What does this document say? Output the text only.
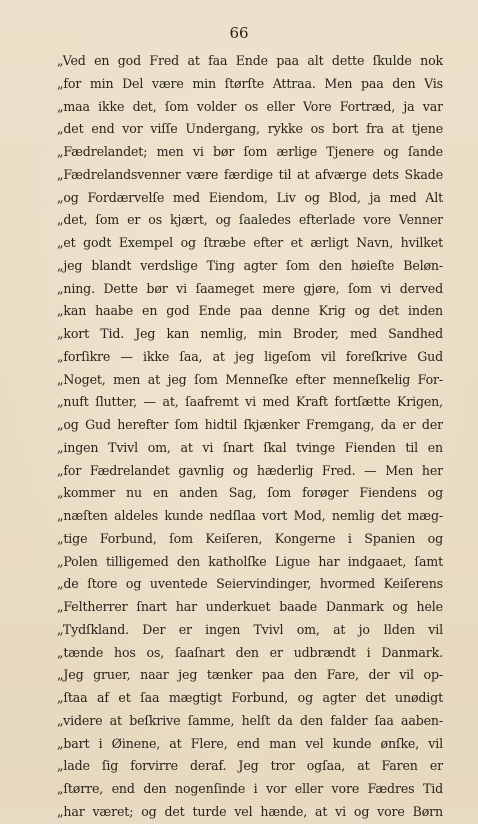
66
„Ved en god Fred at faa Ende paa alt dette ſkulde nok
„for min Del være min ſtørſte Attraa. Men paa den Vis
„maa ikke det, ſom volder os eller Vore Fortræd, ja var
„det end vor viſſe Undergang, rykke os bort fra at tjene
„Fædrelandet; men vi bør ſom ærlige Tjenere og ſande
„Fædrelandsvenner være færdige til at afværge dets Skade
„og Fordærvelſe med Eiendom, Liv og Blod, ja med Alt
„det, ſom er os kjært, og ſaaledes efterlade vore Venner
„et godt Exempel og ſtræbe efter et ærligt Navn, hvilket
„jeg blandt verdslige Ting agter ſom den høieſte Beløn-
„ning. Dette bør vi ſaameget mere gjøre, ſom vi derved
„kan haabe en god Ende paa denne Krig og det inden
„kort Tid. Jeg kan nemlig, min Broder, med Sandhed
„forſikre — ikke ſaa, at jeg ligeſom vil foreſkrive Gud
„Noget, men at jeg ſom Menneſke efter menneſkelig For-
„nuft ſlutter, — at, ſaafremt vi med Kraft fortſætte Krigen,
„og Gud herefter ſom hidtil ſkjænker Fremgang, da er der
„ingen Tvivl om, at vi ſnart ſkal tvinge Fienden til en
„for Fædrelandet gavnlig og hæderlig Fred. — Men her
„kommer nu en anden Sag, ſom forøger Fiendens og
„næſten aldeles kunde nedſlaa vort Mod, nemlig det mæg-
„tige Forbund, ſom Keiſeren, Kongerne i Spanien og
„Polen tilligemed den katholſke Ligue har indgaaet, ſamt
„de ſtore og uventede Seiervindinger, hvormed Keiſerens
„Feltherrer ſnart har underkuet baade Danmark og hele
„Tydſkland. Der er ingen Tvivl om, at jo Ilden vil
„tænde hos os, ſaaſnart den er udbrændt i Danmark.
„Jeg gruer, naar jeg tænker paa den Fare, der vil op-
„ſtaa af et ſaa mægtigt Forbund, og agter det unødigt
„videre at beſkrive ſamme, helſt da den falder ſaa aaben-
„bart i Øinene, at Flere, end man vel kunde ønſke, vil
„lade ſig forvirre deraf. Jeg tror ogſaa, at Faren er
„ſtørre, end den nogenſinde i vor eller vore Fædres Tid
„har været; og det turde vel hænde, at vi og vore Børn
